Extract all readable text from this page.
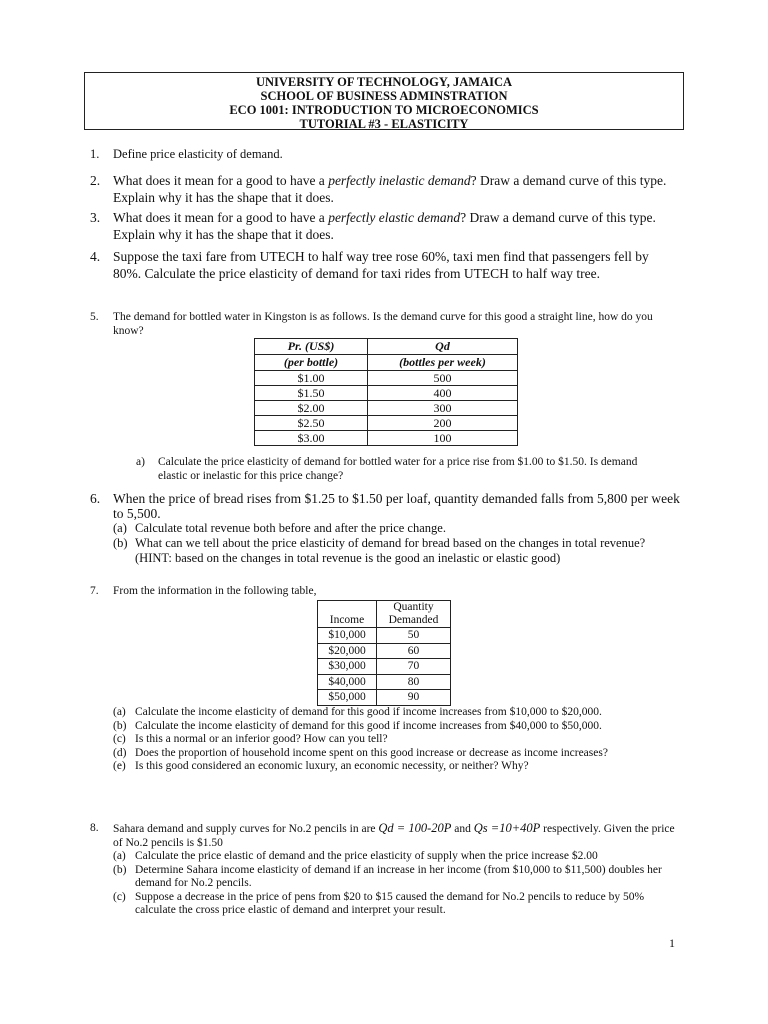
UNIVERSITY OF TECHNOLOGY, JAMAICA
SCHOOL OF BUSINESS ADMINSTRATION
ECO 1001: INTRODUCTION TO MICROECONOMICS
TUTORIAL #3 - ELASTICITY
1. Define price elasticity of demand.
2. What does it mean for a good to have a perfectly inelastic demand? Draw a demand curve of this type. Explain why it has the shape that it does.
3. What does it mean for a good to have a perfectly elastic demand? Draw a demand curve of this type. Explain why it has the shape that it does.
4. Suppose the taxi fare from UTECH to half way tree rose 60%, taxi men find that passengers fell by 80%. Calculate the price elasticity of demand for taxi rides from UTECH to half way tree.
5. The demand for bottled water in Kingston is as follows. Is the demand curve for this good a straight line, how do you know?
Pr. (US$)	Qd
(per bottle)	(bottles per week)
$1.00	500
$1.50	400
$2.00	300
$2.50	200
$3.00	100
a) Calculate the price elasticity of demand for bottled water for a price rise from $1.00 to $1.50. Is demand elastic or inelastic for this price change?
6. When the price of bread rises from $1.25 to $1.50 per loaf, quantity demanded falls from 5,800 per week to 5,500.
(a) Calculate total revenue both before and after the price change.
(b) What can we tell about the price elasticity of demand for bread based on the changes in total revenue? (HINT: based on the changes in total revenue is the good an inelastic or elastic good)
7. From the information in the following table,
Income	Quantity Demanded
$10,000	50
$20,000	60
$30,000	70
$40,000	80
$50,000	90
(a) Calculate the income elasticity of demand for this good if income increases from $10,000 to $20,000.
(b) Calculate the income elasticity of demand for this good if income increases from $40,000 to $50,000.
(c) Is this a normal or an inferior good? How can you tell?
(d) Does the proportion of household income spent on this good increase or decrease as income increases?
(e) Is this good considered an economic luxury, an economic necessity, or neither? Why?
8. Sahara demand and supply curves for No.2 pencils in are Qd = 100-20P and Qs =10+40P respectively. Given the price of No.2 pencils is $1.50
(a) Calculate the price elastic of demand and the price elasticity of supply when the price increase $2.00
(b) Determine Sahara income elasticity of demand if an increase in her income (from $10,000 to $11,500) doubles her demand for No.2 pencils.
(c) Suppose a decrease in the price of pens from $20 to $15 caused the demand for No.2 pencils to reduce by 50% calculate the cross price elastic of demand and interpret your result.
1
